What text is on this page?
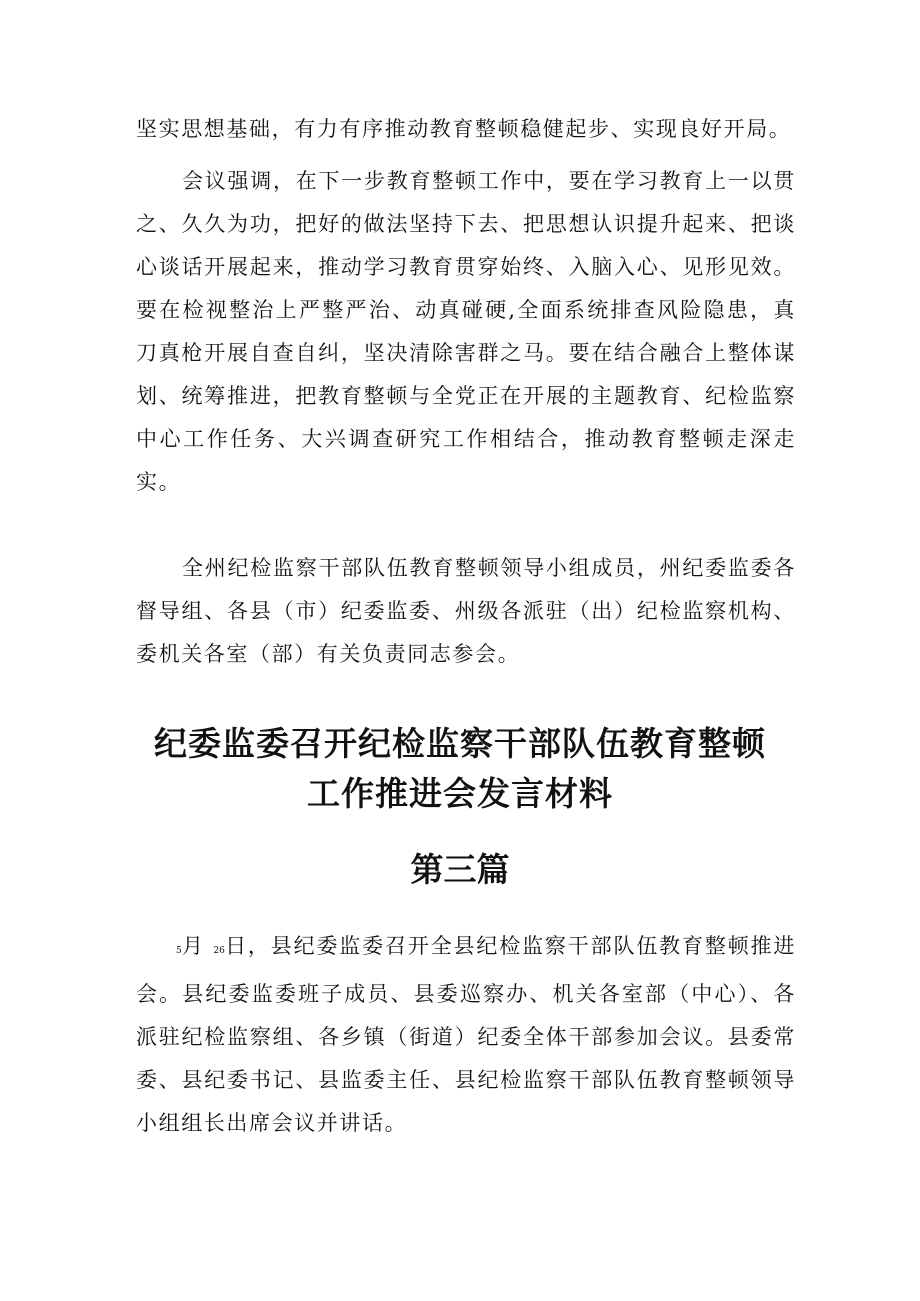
坚实思想基础，有力有序推动教育整顿稳健起步、实现良好开局。

会议强调，在下一步教育整顿工作中，要在学习教育上一以贯之、久久为功，把好的做法坚持下去、把思想认识提升起来、把谈心谈话开展起来，推动学习教育贯穿始终、入脑入心、见形见效。要在检视整治上严整严治、动真碰硬,全面系统排查风险隐患，真刀真枪开展自查自纠，坚决清除害群之马。要在结合融合上整体谋划、统筹推进，把教育整顿与全党正在开展的主题教育、纪检监察中心工作任务、大兴调查研究工作相结合，推动教育整顿走深走实。

全州纪检监察干部队伍教育整顿领导小组成员，州纪委监委各督导组、各县（市）纪委监委、州级各派驻（出）纪检监察机构、委机关各室（部）有关负责同志参会。

纪委监委召开纪检监察干部队伍教育整顿
工作推进会发言材料
第三篇

5月 26日，县纪委监委召开全县纪检监察干部队伍教育整顿推进会。县纪委监委班子成员、县委巡察办、机关各室部（中心）、各派驻纪检监察组、各乡镇（街道）纪委全体干部参加会议。县委常委、县纪委书记、县监委主任、县纪检监察干部队伍教育整顿领导小组组长出席会议并讲话。
